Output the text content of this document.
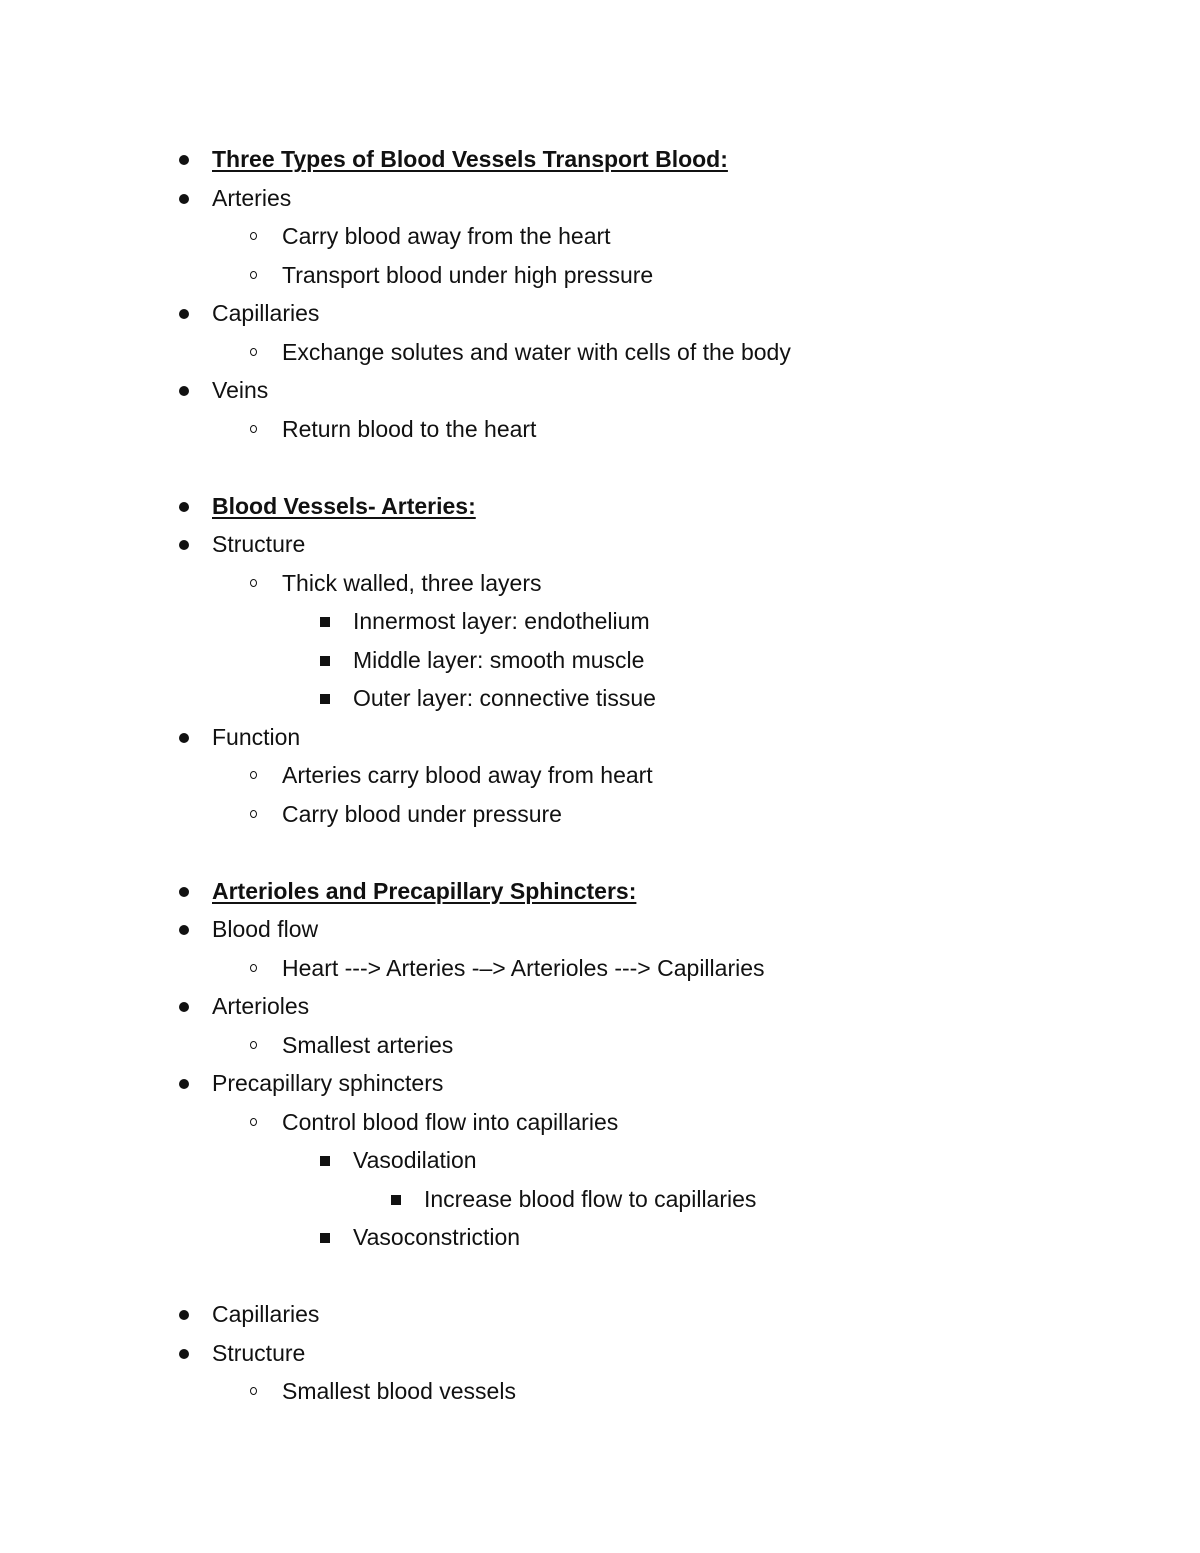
Three Types of Blood Vessels Transport Blood:
Arteries
Carry blood away from the heart
Transport blood under high pressure
Capillaries
Exchange solutes and water with cells of the body
Veins
Return blood to the heart
Blood Vessels- Arteries:
Structure
Thick walled, three layers
Innermost layer: endothelium
Middle layer: smooth muscle
Outer layer: connective tissue
Function
Arteries carry blood away from heart
Carry blood under pressure
Arterioles and Precapillary Sphincters:
Blood flow
Heart ---> Arteries -–> Arterioles ---> Capillaries
Arterioles
Smallest arteries
Precapillary sphincters
Control blood flow into capillaries
Vasodilation
Increase blood flow to capillaries
Vasoconstriction
Capillaries
Structure
Smallest blood vessels
